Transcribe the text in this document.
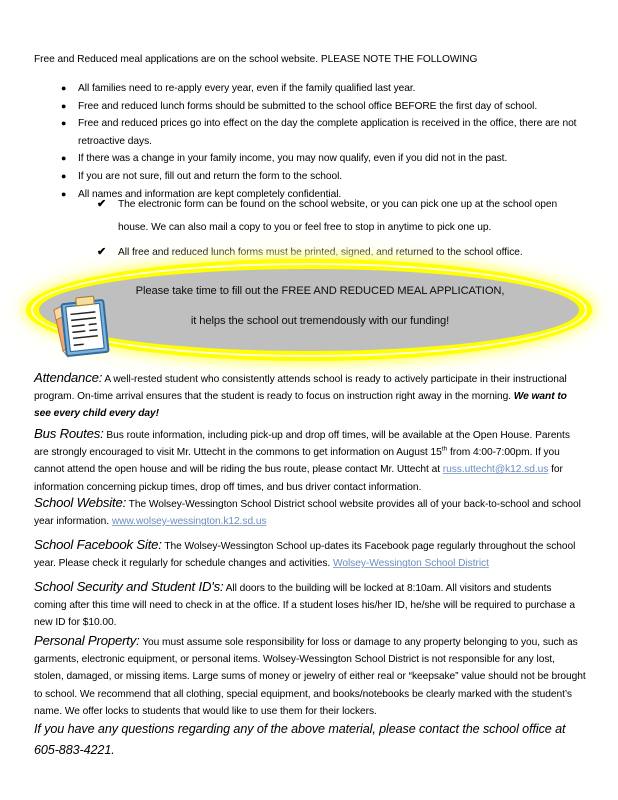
Free and Reduced meal applications are on the school website. PLEASE NOTE THE FOLLOWING
● All families need to re-apply every year, even if the family qualified last year.
● Free and reduced lunch forms should be submitted to the school office BEFORE the first day of school.
● Free and reduced prices go into effect on the day the complete application is received in the office, there are not retroactive days.
● If there was a change in your family income, you may now qualify, even if you did not in the past.
● If you are not sure, fill out and return the form to the school.
● All names and information are kept completely confidential.
✔ The electronic form can be found on the school website, or you can pick one up at the school open house. We can also mail a copy to you or feel free to stop in anytime to pick one up.
✔ All free and reduced lunch forms must be printed, signed, and returned to the school office.
Please take time to fill out the FREE AND REDUCED MEAL APPLICATION,
it helps the school out tremendously with our funding!
Attendance: A well-rested student who consistently attends school is ready to actively participate in their instructional program. On-time arrival ensures that the student is ready to focus on instruction right away in the morning. We want to see every child every day!
Bus Routes: Bus route information, including pick-up and drop off times, will be available at the Open House. Parents are strongly encouraged to visit Mr. Uttecht in the commons to get information on August 15th from 4:00-7:00pm. If you cannot attend the open house and will be riding the bus route, please contact Mr. Uttecht at russ.uttecht@k12.sd.us for information concerning pickup times, drop off times, and bus driver contact information.
School Website: The Wolsey-Wessington School District school website provides all of your back-to-school and school year information. www.wolsey-wessington.k12.sd.us
School Facebook Site: The Wolsey-Wessington School up-dates its Facebook page regularly throughout the school year. Please check it regularly for schedule changes and activities. Wolsey-Wessington School District
School Security and Student ID's: All doors to the building will be locked at 8:10am. All visitors and students coming after this time will need to check in at the office. If a student loses his/her ID, he/she will be required to purchase a new ID for $10.00.
Personal Property: You must assume sole responsibility for loss or damage to any property belonging to you, such as garments, electronic equipment, or personal items. Wolsey-Wessington School District is not responsible for any lost, stolen, damaged, or missing items. Large sums of money or jewelry of either real or “keepsake” value should not be brought to school. We recommend that all clothing, special equipment, and books/notebooks be clearly marked with the student’s name. We offer locks to students that would like to use them for their lockers.
If you have any questions regarding any of the above material, please contact the school office at 605-883-4221.
